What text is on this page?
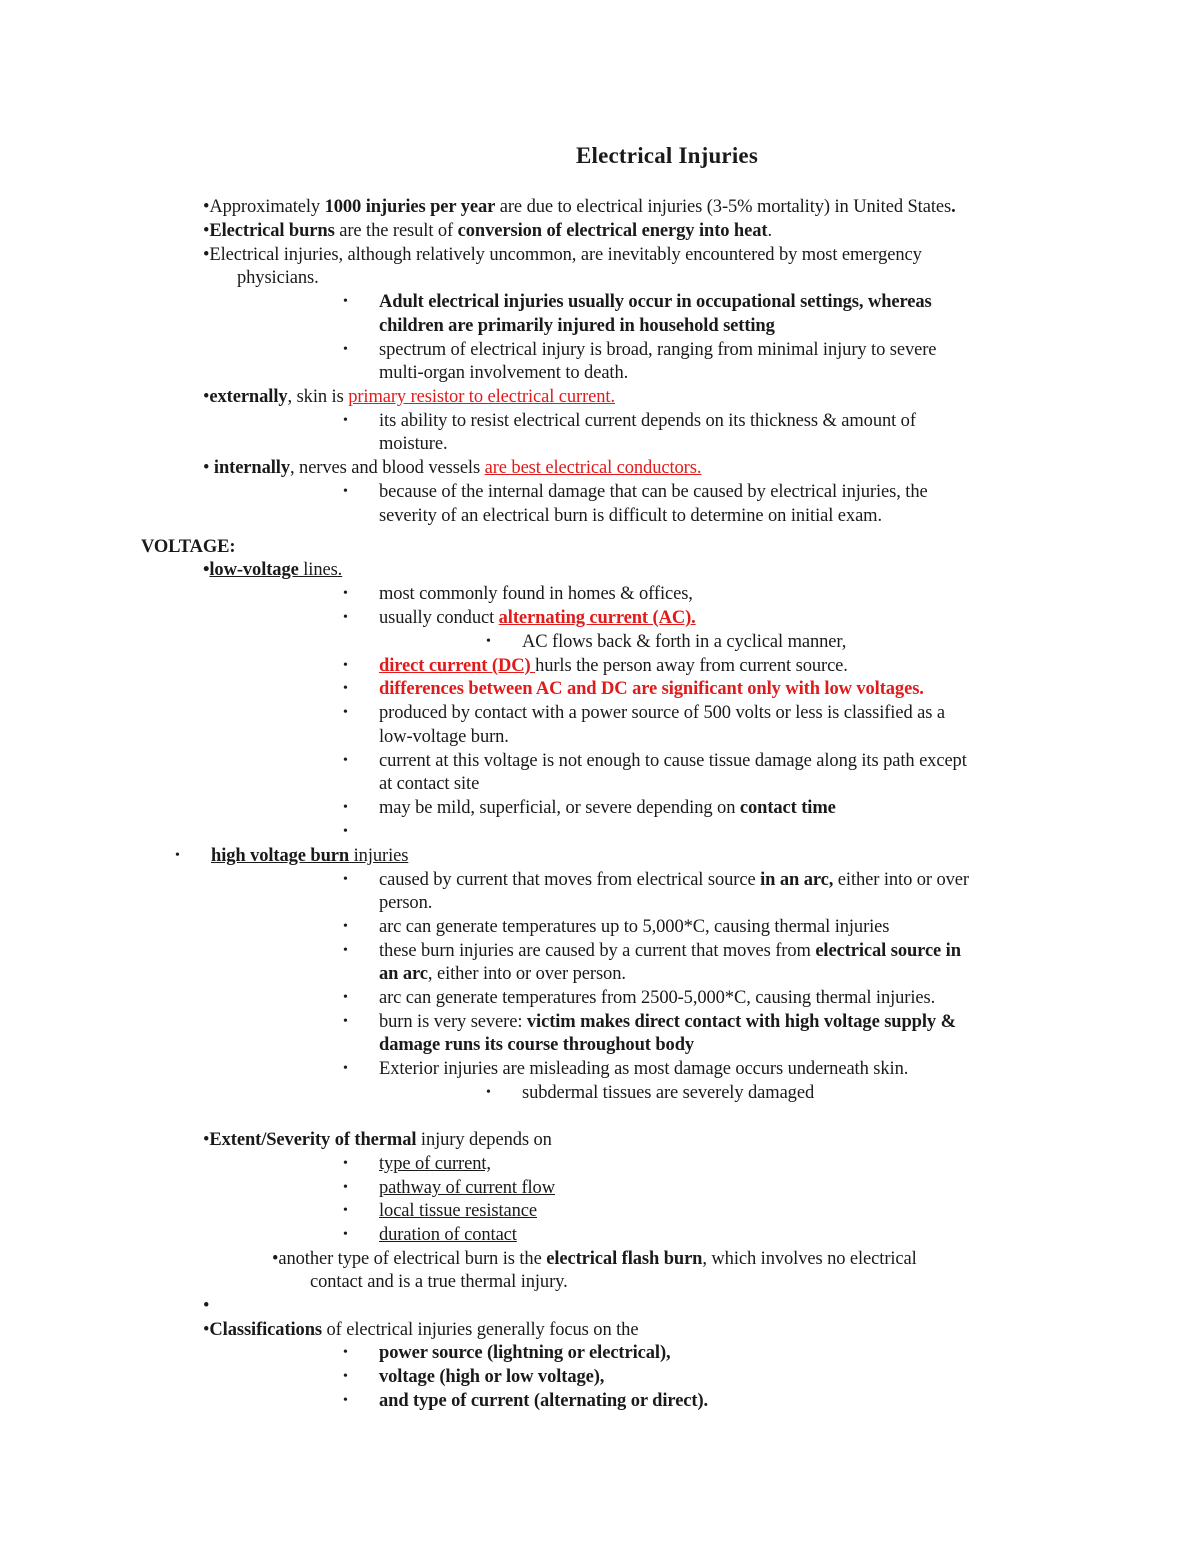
Electrical Injuries
•Approximately 1000 injuries per year are due to electrical injuries (3-5% mortality) in United States.
•Electrical burns are the result of conversion of electrical energy into heat.
•Electrical injuries, although relatively uncommon, are inevitably encountered by most emergency
physicians.
• Adult electrical injuries usually occur in occupational settings, whereas
children are primarily injured in household setting
• spectrum of electrical injury is broad, ranging from minimal injury to severe
multi-organ involvement to death.
•externally, skin is primary resistor to electrical current.
• its ability to resist electrical current depends on its thickness & amount of
moisture.
• internally, nerves and blood vessels are best electrical conductors.
• because of the internal damage that can be caused by electrical injuries, the
severity of an electrical burn is difficult to determine on initial exam.
VOLTAGE:
•low-voltage lines.
• most commonly found in homes & offices,
• usually conduct alternating current (AC).
• AC flows back & forth in a cyclical manner,
• direct current (DC) hurls the person away from current source.
• differences between AC and DC are significant only with low voltages.
• produced by contact with a power source of 500 volts or less is classified as a
low-voltage burn.
• current at this voltage is not enough to cause tissue damage along its path except
at contact site
• may be mild, superficial, or severe depending on contact time
•
• high voltage burn injuries
• caused by current that moves from electrical source in an arc, either into or over
person.
• arc can generate temperatures up to 5,000*C, causing thermal injuries
• these burn injuries are caused by a current that moves from electrical source in
an arc, either into or over person.
• arc can generate temperatures from 2500-5,000*C, causing thermal injuries.
• burn is very severe: victim makes direct contact with high voltage supply &
damage runs its course throughout body
• Exterior injuries are misleading as most damage occurs underneath skin.
• subdermal tissues are severely damaged
•Extent/Severity of thermal injury depends on
• type of current,
• pathway of current flow
• local tissue resistance
• duration of contact
•another type of electrical burn is the electrical flash burn, which involves no electrical
contact and is a true thermal injury.
•
•Classifications of electrical injuries generally focus on the
• power source (lightning or electrical),
• voltage (high or low voltage),
• and type of current (alternating or direct).
